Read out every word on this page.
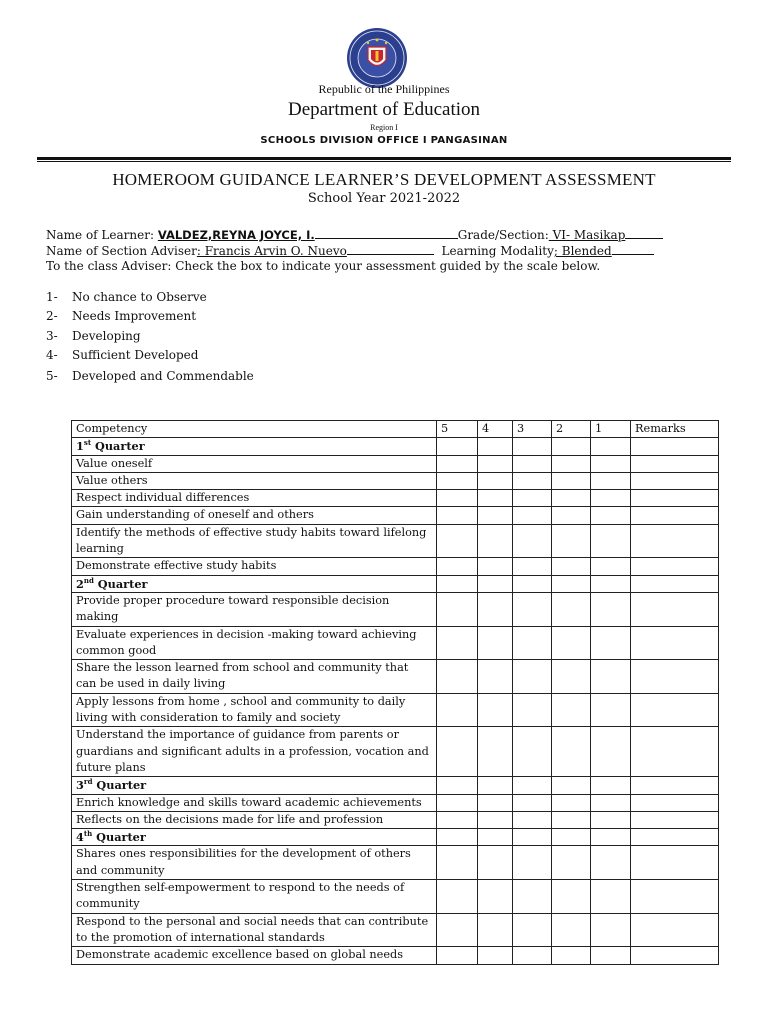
Republic of the Philippines
Department of Education
Region I
SCHOOLS DIVISION OFFICE I PANGASINAN
HOMEROOM GUIDANCE LEARNER’S DEVELOPMENT ASSESSMENT
School Year 2021-2022
Name of Learner: VALDEZ,REYNA JOYCE, I.	Grade/Section: VI- Masikap
Name of Section Adviser: Francis Arvin O. Nuevo	Learning Modality; Blended
To the class Adviser: Check the box to indicate your assessment guided by the scale below.
1- No chance to Observe
2- Needs Improvement
3- Developing
4- Sufficient Developed
5- Developed and Commendable
Competency	5	4	3	2	1	Remarks
1st Quarter						
Value oneself						
Value others						
Respect individual differences						
Gain understanding of oneself and others						
Identify the methods of effective study habits toward lifelong learning						
Demonstrate effective study habits						
2nd Quarter						
Provide proper procedure toward responsible decision making						
Evaluate experiences in decision -making toward achieving common good						
Share the lesson learned from school and community that can be used in daily living						
Apply lessons from home , school and community to daily living with consideration to family and society						
Understand the importance of guidance from parents or guardians and significant adults in a profession, vocation and future plans						
3rd Quarter						
Enrich knowledge and skills toward academic achievements						
Reflects on the decisions made for life and profession						
4th Quarter						
Shares ones responsibilities for the development of others and community						
Strengthen self-empowerment to respond to the needs of community						
Respond to the personal and social needs that can contribute to the promotion of international standards						
Demonstrate academic excellence based on global needs						
